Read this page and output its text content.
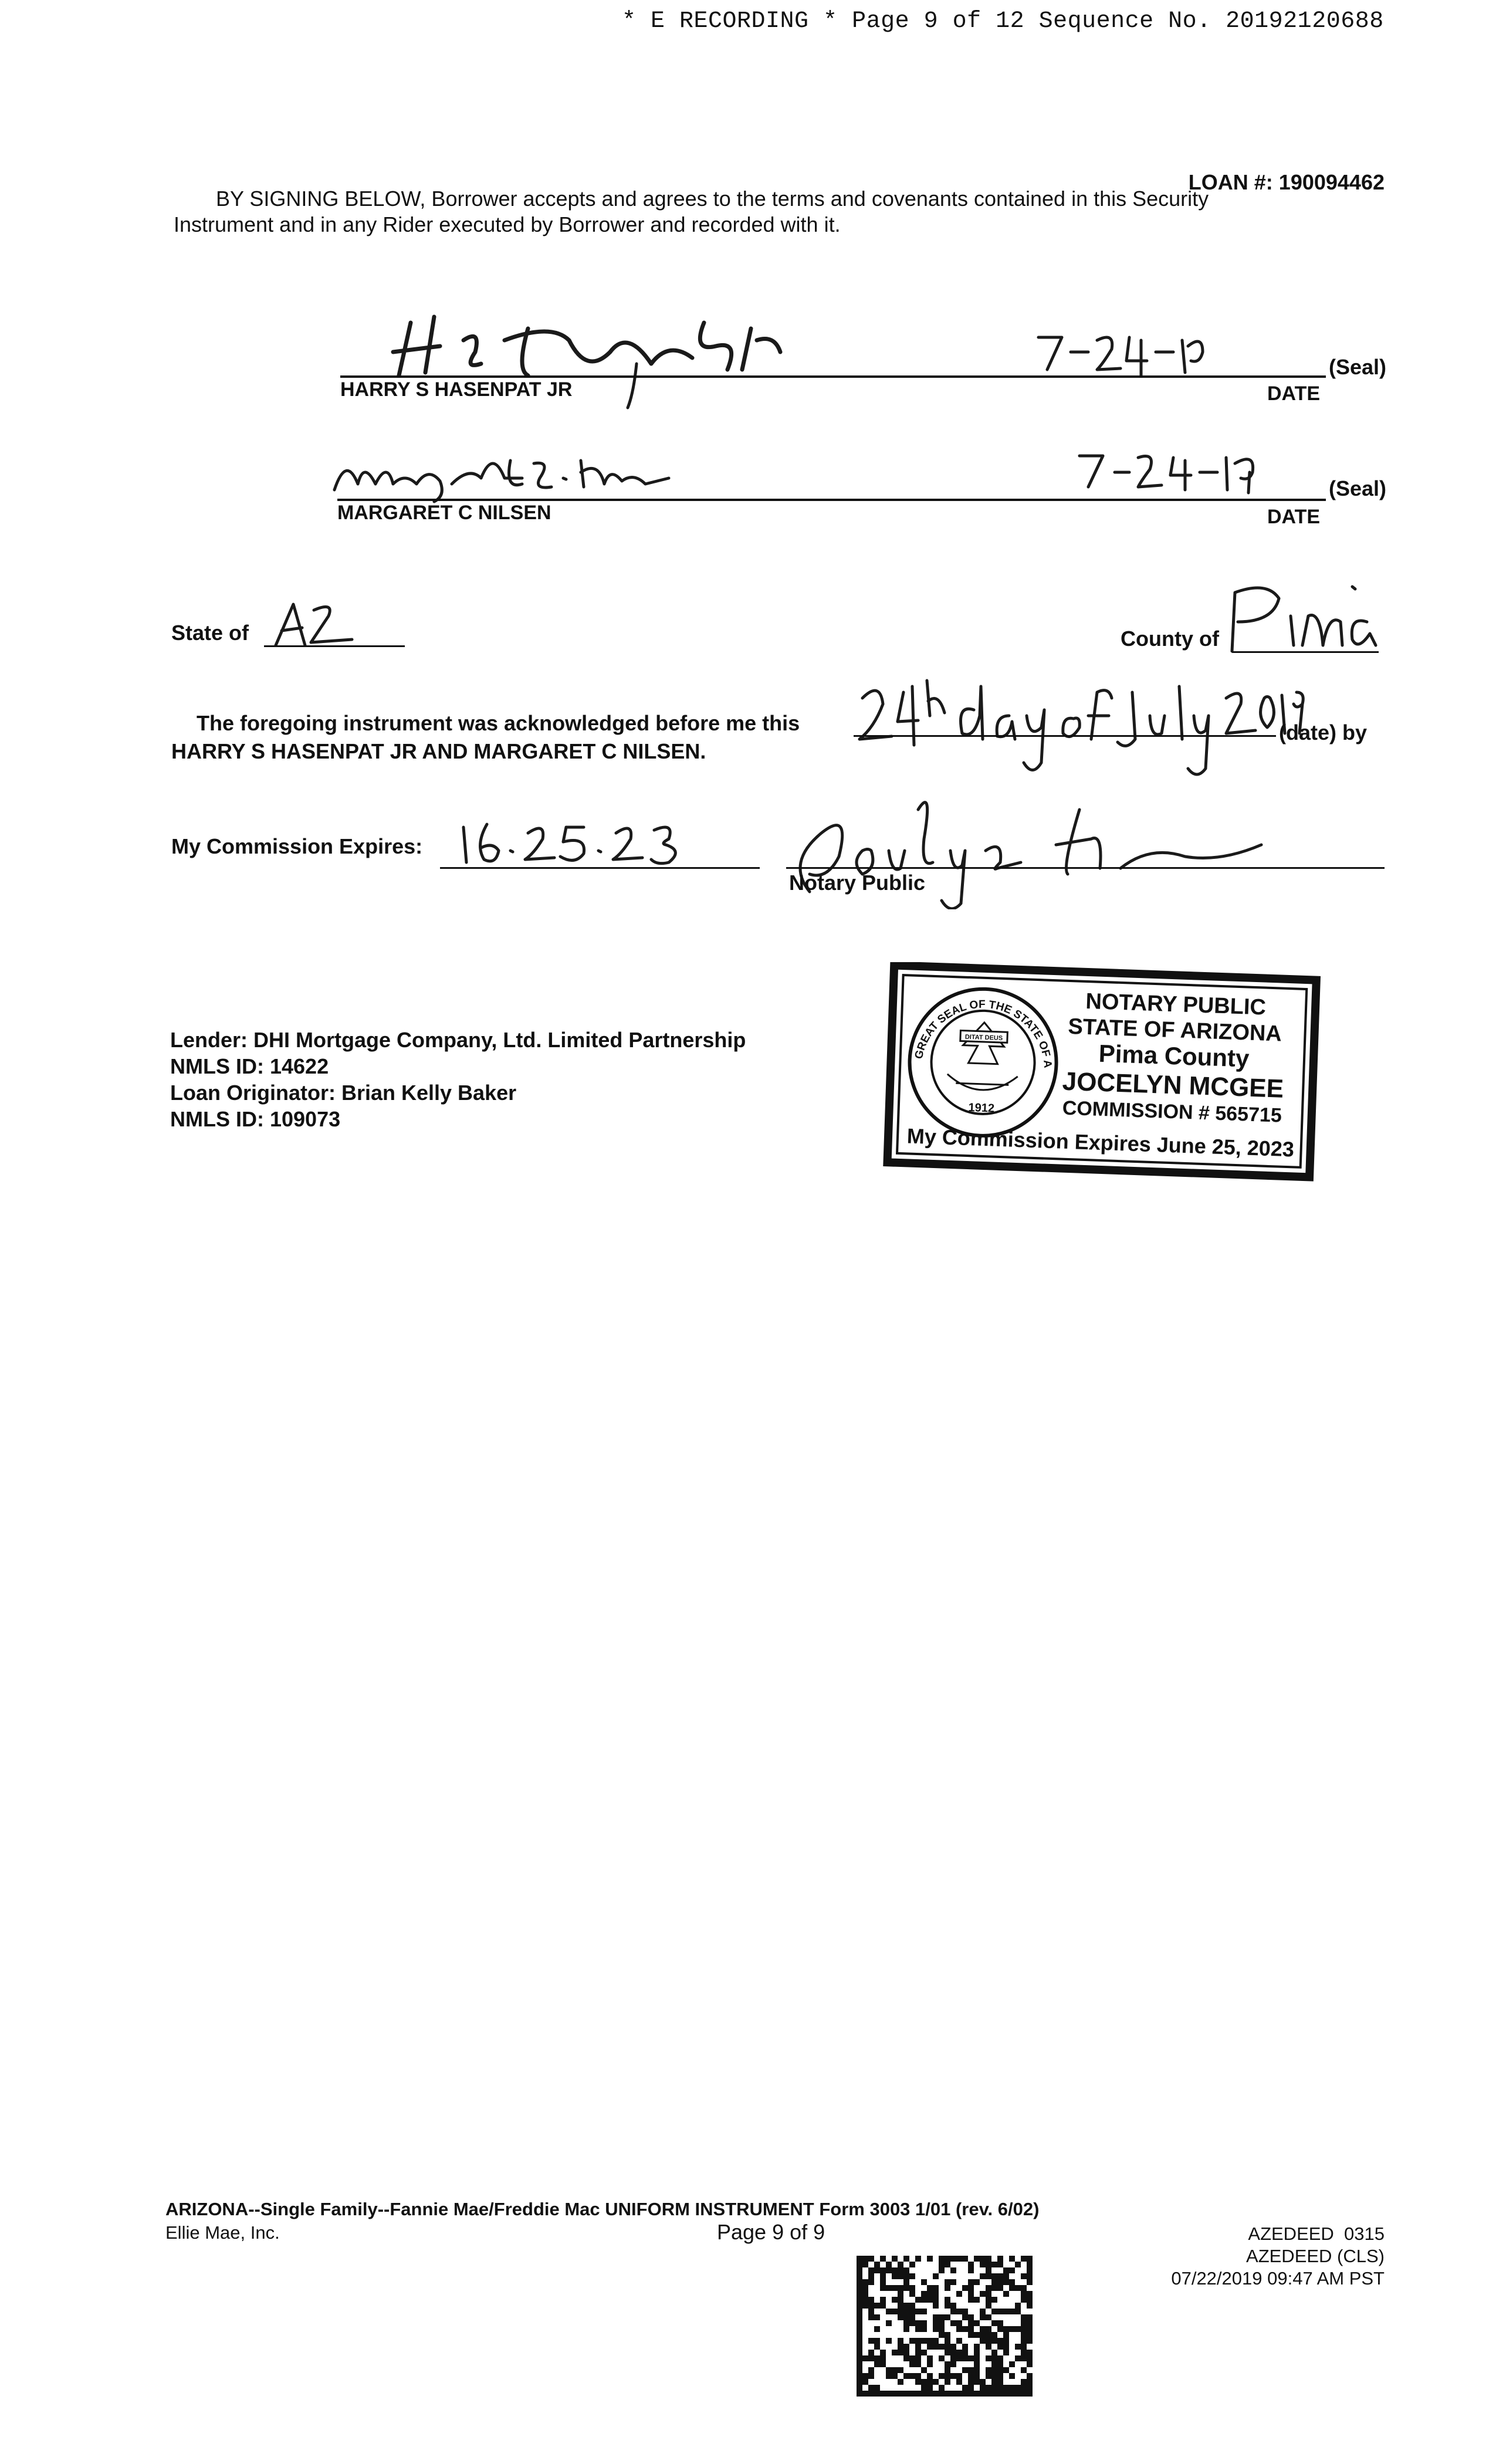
* E RECORDING * Page 9 of 12 Sequence No. 20192120688
LOAN #: 190094462
BY SIGNING BELOW, Borrower accepts and agrees to the terms and covenants contained in this Security
Instrument and in any Rider executed by Borrower and recorded with it.
HARRY S HASENPAT JR	DATE
(Seal)
MARGARET C NILSEN	DATE
(Seal)
State of	County of
The foregoing instrument was acknowledged before me this	(date) by
HARRY S HASENPAT JR AND MARGARET C NILSEN.
My Commission Expires:
Notary Public
Lender: DHI Mortgage Company, Ltd. Limited Partnership
NMLS ID: 14622
Loan Originator: Brian Kelly Baker
NMLS ID: 109073
DITAT DEUS
1912
GREAT SEAL OF THE STATE OF ARIZONA
NOTARY PUBLIC
STATE OF ARIZONA
Pima County
JOCELYN MCGEE
COMMISSION # 565715
My Commission Expires June 25, 2023
ARIZONA--Single Family--Fannie Mae/Freddie Mac UNIFORM INSTRUMENT Form 3003 1/01 (rev. 6/02)
Ellie Mae, Inc.	Page 9 of 9	AZEDEED  0315
AZEDEED (CLS)
07/22/2019 09:47 AM PST
